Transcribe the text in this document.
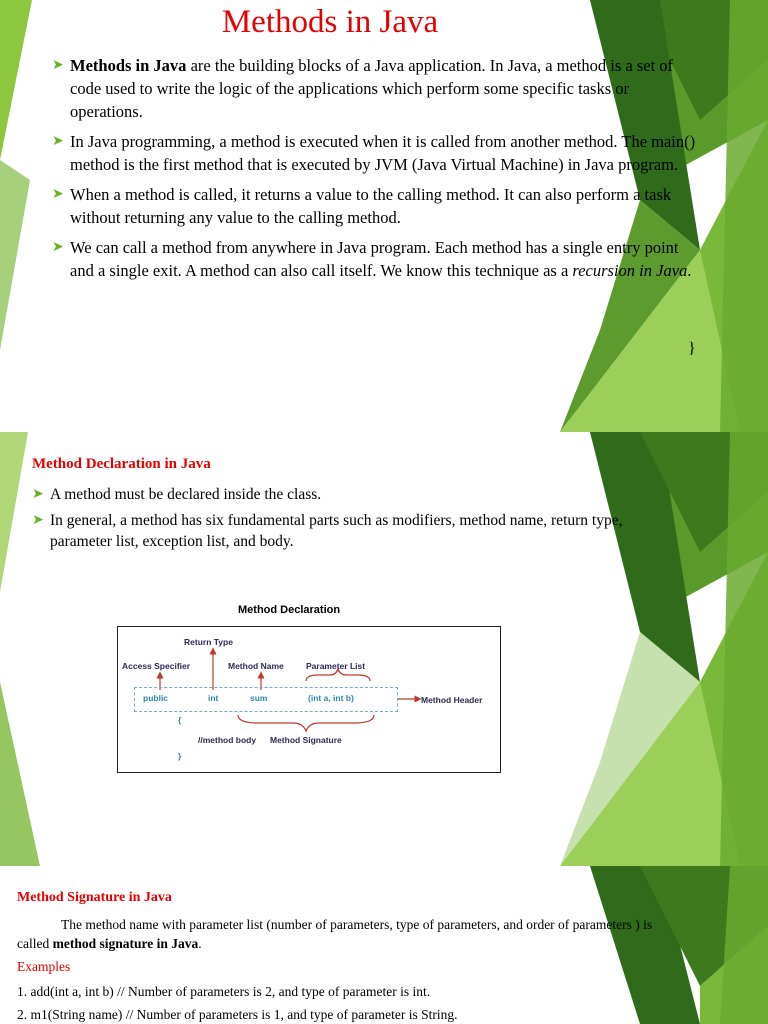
Methods in Java
➤ Methods in Java are the building blocks of a Java application. In Java, a method is a set of code used to write the logic of the applications which perform some specific tasks or operations.
➤ In Java programming, a method is executed when it is called from another method. The main() method is the first method that is executed by JVM (Java Virtual Machine) in Java program.
➤ When a method is called, it returns a value to the calling method. It can also perform a task without returning any value to the calling method.
➤ We can call a method from anywhere in Java program. Each method has a single entry point and a single exit. A method can also call itself. We know this technique as a recursion in Java.
}
Method Declaration in Java
➤ A method must be declared inside the class.
➤ In general, a method has six fundamental parts such as modifiers, method name, return type, parameter list, exception list, and body.
Method Declaration
Return Type
Access Specifier	Method Name	Parameter List
public	int	sum	(int a, int b)
{
//method body Method Signature
}
Method Header
Method Signature in Java
The method name with parameter list (number of parameters, type of parameters, and order of parameters ) is called method signature in Java.
Examples
1. add(int a, int b) // Number of parameters is 2, and type of parameter is int.
2. m1(String name) // Number of parameters is 1, and type of parameter is String.
